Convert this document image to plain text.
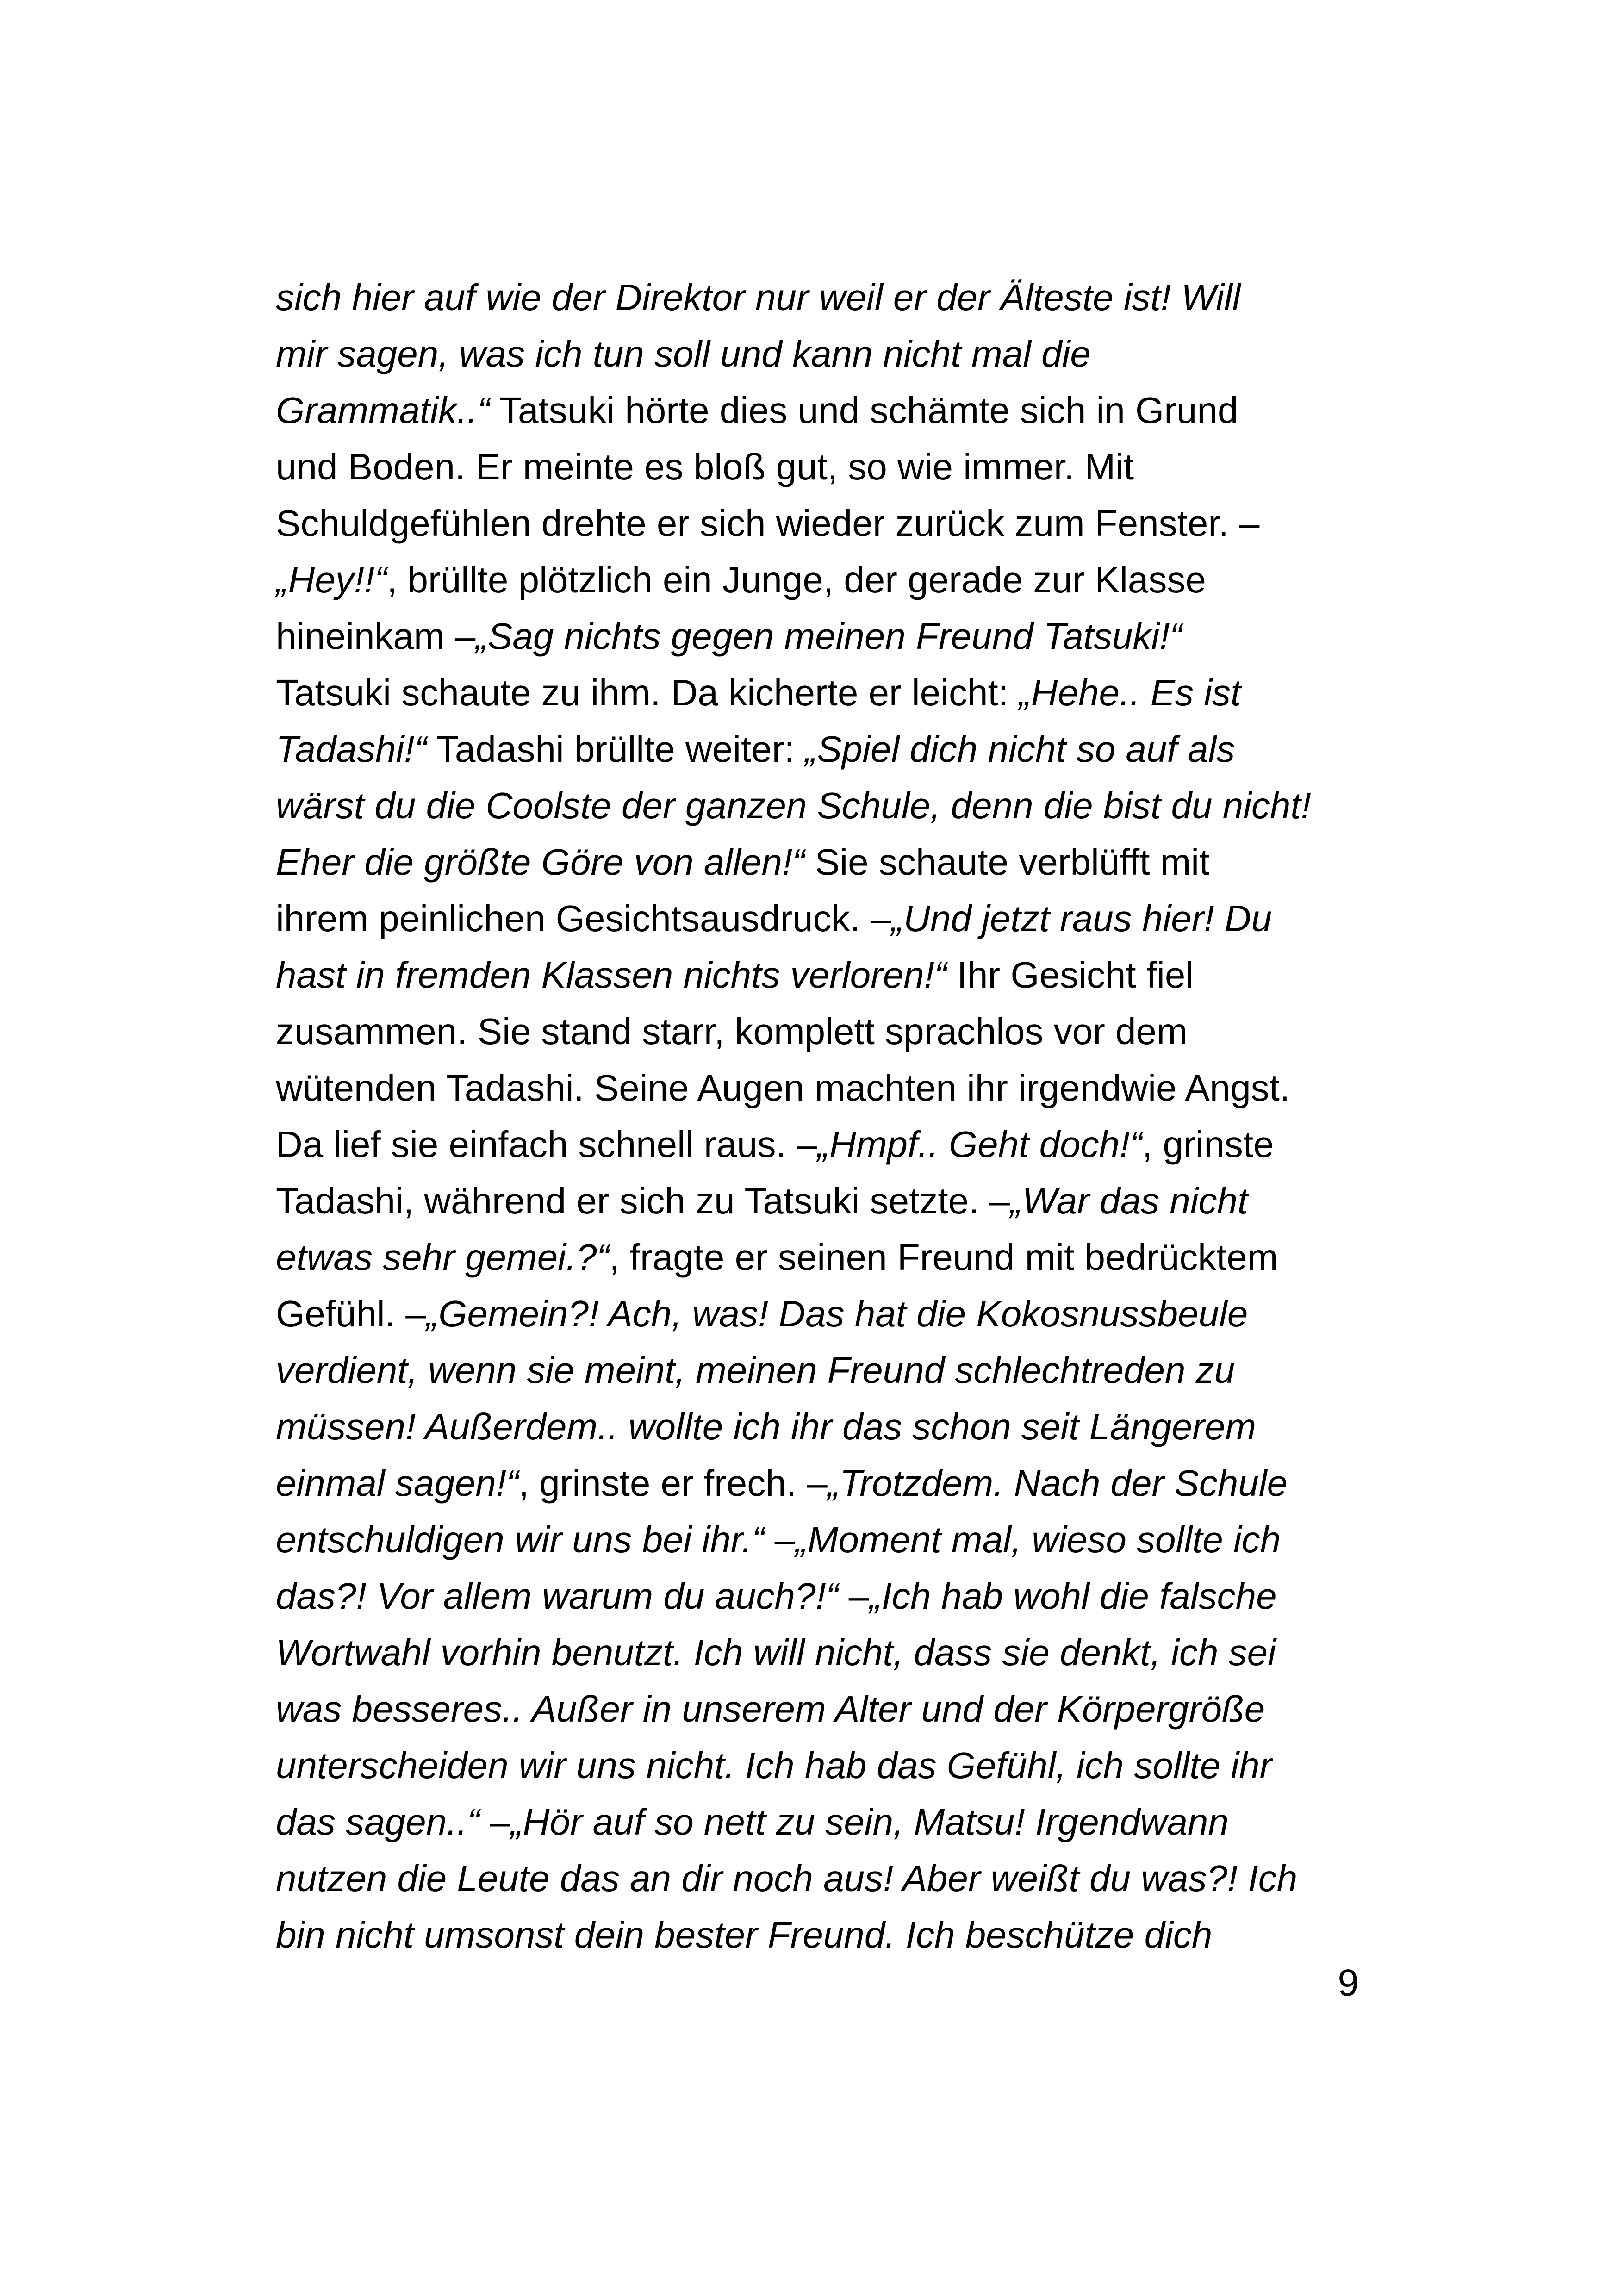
sich hier auf wie der Direktor nur weil er der Älteste ist! Will
mir sagen, was ich tun soll und kann nicht mal die
Grammatik..“ Tatsuki hörte dies und schämte sich in Grund
und Boden. Er meinte es bloß gut, so wie immer. Mit
Schuldgefühlen drehte er sich wieder zurück zum Fenster. –
„Hey!!“, brüllte plötzlich ein Junge, der gerade zur Klasse
hineinkam –„Sag nichts gegen meinen Freund Tatsuki!“
Tatsuki schaute zu ihm. Da kicherte er leicht: „Hehe.. Es ist
Tadashi!“ Tadashi brüllte weiter: „Spiel dich nicht so auf als
wärst du die Coolste der ganzen Schule, denn die bist du nicht!
Eher die größte Göre von allen!“ Sie schaute verblüfft mit
ihrem peinlichen Gesichtsausdruck. –„Und jetzt raus hier! Du
hast in fremden Klassen nichts verloren!“ Ihr Gesicht fiel
zusammen. Sie stand starr, komplett sprachlos vor dem
wütenden Tadashi. Seine Augen machten ihr irgendwie Angst.
Da lief sie einfach schnell raus. –„Hmpf.. Geht doch!“, grinste
Tadashi, während er sich zu Tatsuki setzte. –„War das nicht
etwas sehr gemei.?“, fragte er seinen Freund mit bedrücktem
Gefühl. –„Gemein?! Ach, was! Das hat die Kokosnussbeule
verdient, wenn sie meint, meinen Freund schlechtreden zu
müssen! Außerdem.. wollte ich ihr das schon seit Längerem
einmal sagen!“, grinste er frech. –„Trotzdem. Nach der Schule
entschuldigen wir uns bei ihr.“ –„Moment mal, wieso sollte ich
das?! Vor allem warum du auch?!“ –„Ich hab wohl die falsche
Wortwahl vorhin benutzt. Ich will nicht, dass sie denkt, ich sei
was besseres.. Außer in unserem Alter und der Körpergröße
unterscheiden wir uns nicht. Ich hab das Gefühl, ich sollte ihr
das sagen..“ –„Hör auf so nett zu sein, Matsu! Irgendwann
nutzen die Leute das an dir noch aus! Aber weißt du was?! Ich
bin nicht umsonst dein bester Freund. Ich beschütze dich
9
